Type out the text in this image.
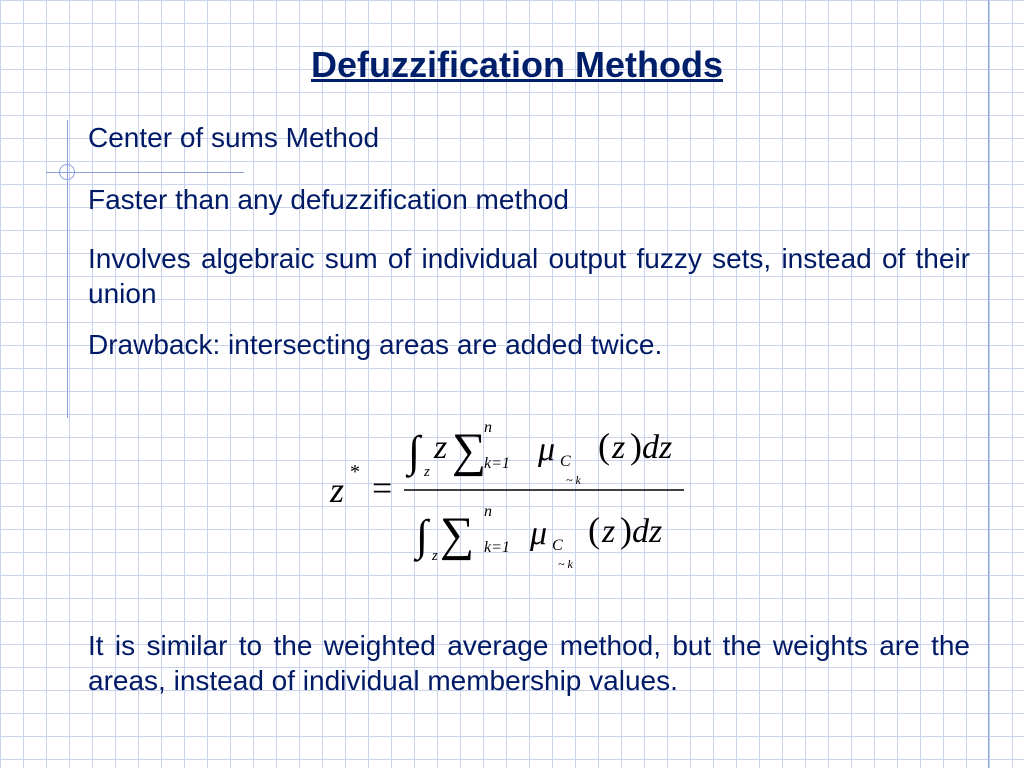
Defuzzification Methods
Center of sums Method
Faster than any defuzzification method
Involves algebraic sum of individual output fuzzy sets, instead of their union
Drawback: intersecting areas are added twice.
z * =
∫ z
z ∑
n
k=1 μ C
~ k
( z ) dz
∫ z ∑ n
k=1 μ C
~ k
( z ) dz
It is similar to the weighted average method, but the weights are the areas, instead of individual membership values.
